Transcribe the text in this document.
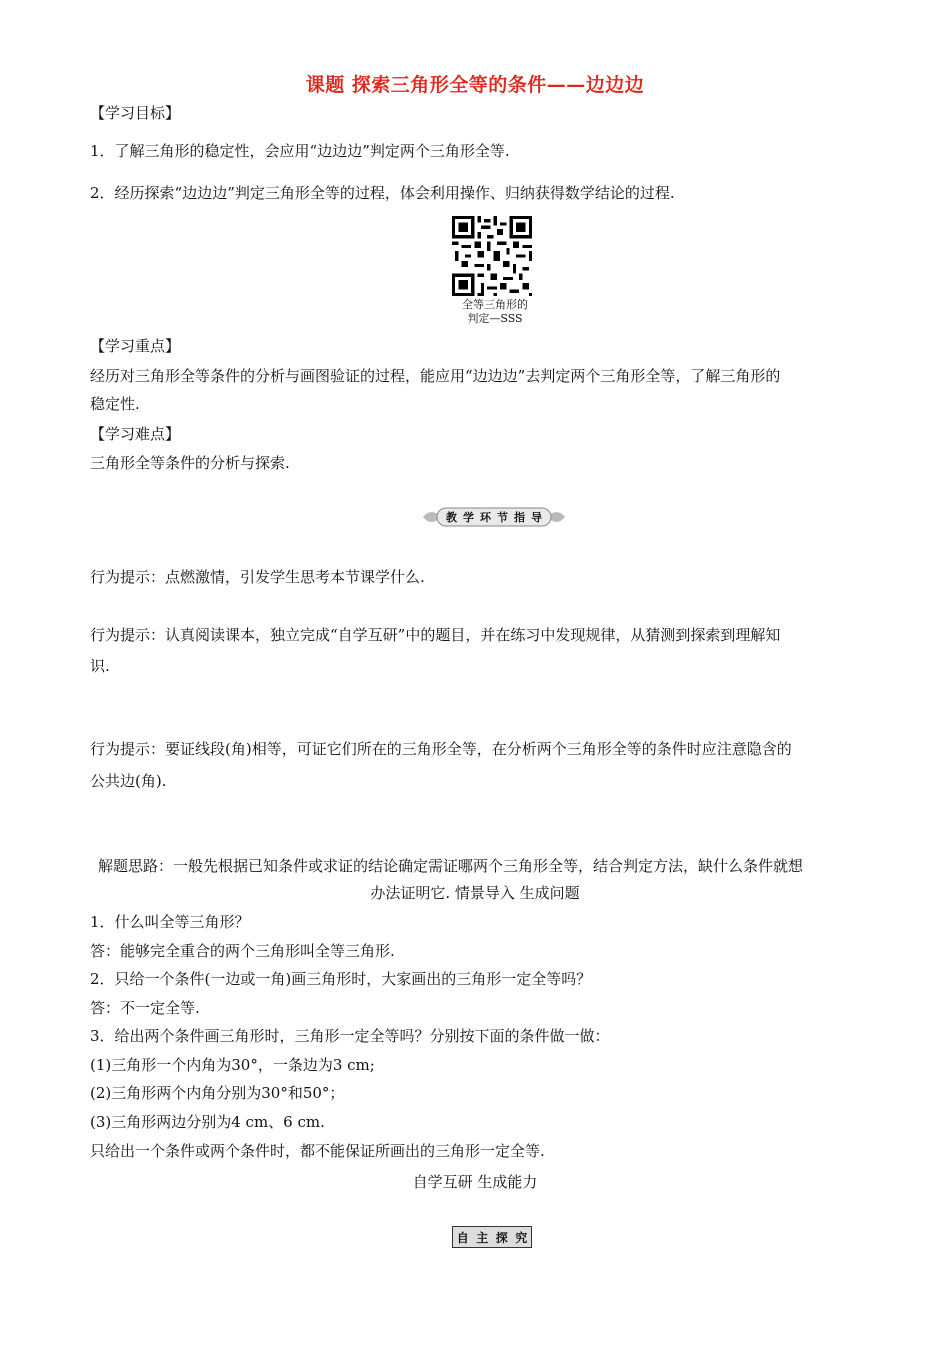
课题 探索三角形全等的条件——边边边
【学习目标】
1．了解三角形的稳定性，会应用“边边边”判定两个三角形全等.
2．经历探索“边边边”判定三角形全等的过程，体会利用操作、归纳获得数学结论的过程.
全等三角形的
判定—SSS
【学习重点】
经历对三角形全等条件的分析与画图验证的过程，能应用“边边边”去判定两个三角形全等，了解三角形的
稳定性.
【学习难点】
三角形全等条件的分析与探索.
教 学 环 节 指 导
行为提示：点燃激情，引发学生思考本节课学什么.
行为提示：认真阅读课本，独立完成“自学互研”中的题目，并在练习中发现规律，从猜测到探索到理解知
识.
行为提示：要证线段(角)相等，可证它们所在的三角形全等，在分析两个三角形全等的条件时应注意隐含的
公共边(角).
解题思路：一般先根据已知条件或求证的结论确定需证哪两个三角形全等，结合判定方法，缺什么条件就想
办法证明它. 情景导入 生成问题
1．什么叫全等三角形？
答：能够完全重合的两个三角形叫全等三角形.
2．只给一个条件(一边或一角)画三角形时，大家画出的三角形一定全等吗？
答：不一定全等.
3．给出两个条件画三角形时，三角形一定全等吗？分别按下面的条件做一做：
(1)三角形一个内角为30°，一条边为3 cm;
(2)三角形两个内角分别为30°和50°；
(3)三角形两边分别为4 cm、6 cm.
只给出一个条件或两个条件时，都不能保证所画出的三角形一定全等.
自学互研 生成能力
自 主 探 究
